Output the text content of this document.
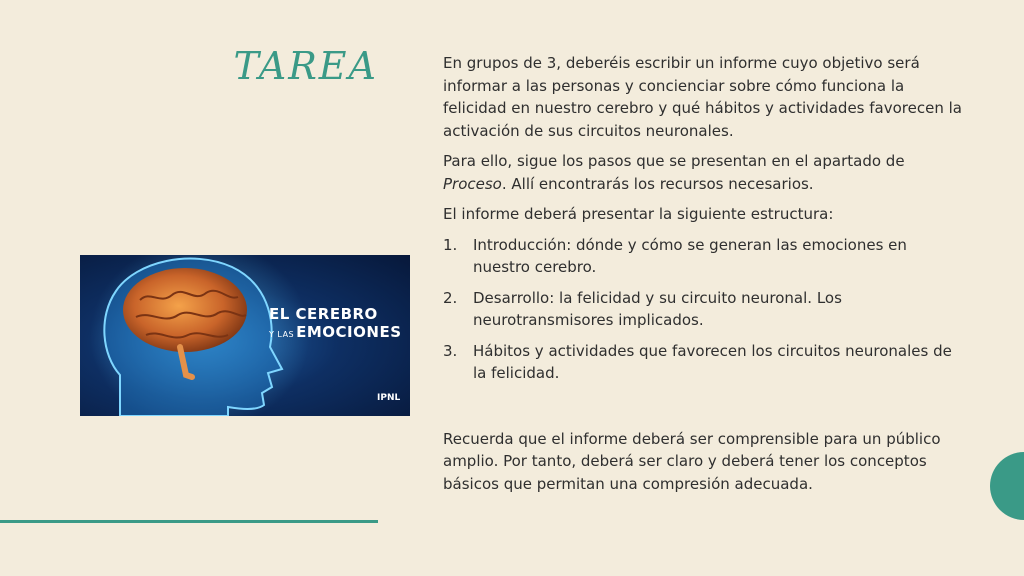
TAREA	En grupos de 3, deberéis escribir un informe cuyo objetivo será informar a las personas y concienciar sobre cómo funciona la felicidad en nuestro cerebro y qué hábitos y actividades favorecen la activación de sus circuitos neuronales.

Para ello, sigue los pasos que se presentan en el apartado de Proceso. Allí encontrarás los recursos necesarios.

El informe deberá presentar la siguiente estructura:

1. Introducción: dónde y cómo se generan las emociones en nuestro cerebro.
2. Desarrollo: la felicidad y su circuito neuronal. Los neurotransmisores implicados.
3. Hábitos y actividades que favorecen los circuitos neuronales de la felicidad.

Recuerda que el informe deberá ser comprensible para un público amplio. Por tanto, deberá ser claro y deberá tener los conceptos básicos que permitan una compresión adecuada.

EL CEREBRO
Y LAS EMOCIONES
IPNL
